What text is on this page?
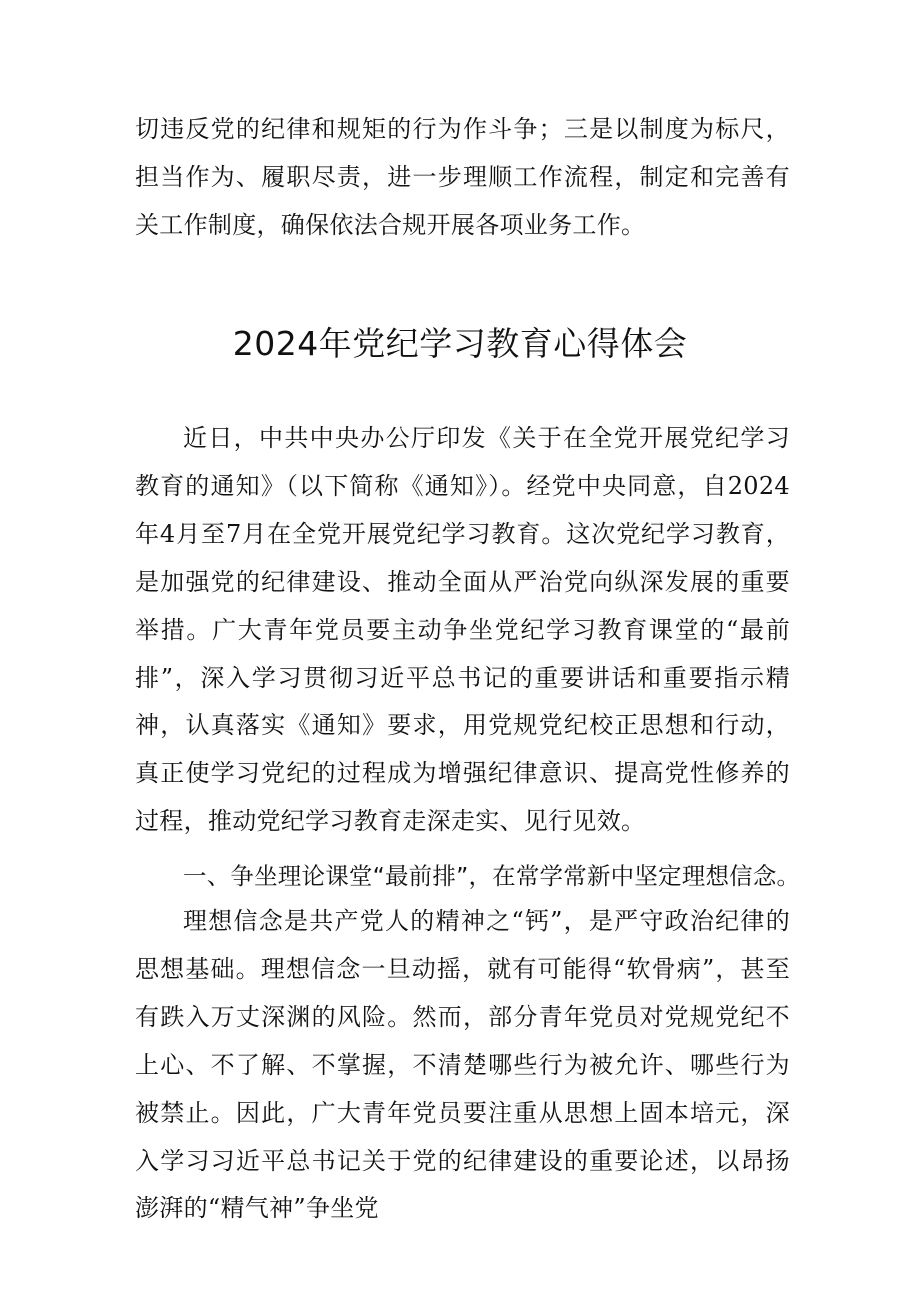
切违反党的纪律和规矩的行为作斗争；三是以制度为标尺，担当作为、履职尽责，进一步理顺工作流程，制定和完善有关工作制度，确保依法合规开展各项业务工作。

2024年党纪学习教育心得体会

近日，中共中央办公厅印发《关于在全党开展党纪学习教育的通知》（以下简称《通知》）。经党中央同意，自2024年4月至7月在全党开展党纪学习教育。这次党纪学习教育，是加强党的纪律建设、推动全面从严治党向纵深发展的重要举措。广大青年党员要主动争坐党纪学习教育课堂的“最前排”，深入学习贯彻习近平总书记的重要讲话和重要指示精神，认真落实《通知》要求，用党规党纪校正思想和行动，真正使学习党纪的过程成为增强纪律意识、提高党性修养的过程，推动党纪学习教育走深走实、见行见效。

一、争坐理论课堂“最前排”，在常学常新中坚定理想信念。

理想信念是共产党人的精神之“钙”，是严守政治纪律的思想基础。理想信念一旦动摇，就有可能得“软骨病”，甚至有跌入万丈深渊的风险。然而，部分青年党员对党规党纪不上心、不了解、不掌握，不清楚哪些行为被允许、哪些行为被禁止。因此，广大青年党员要注重从思想上固本培元，深入学习习近平总书记关于党的纪律建设的重要论述，以昂扬澎湃的“精气神”争坐党
